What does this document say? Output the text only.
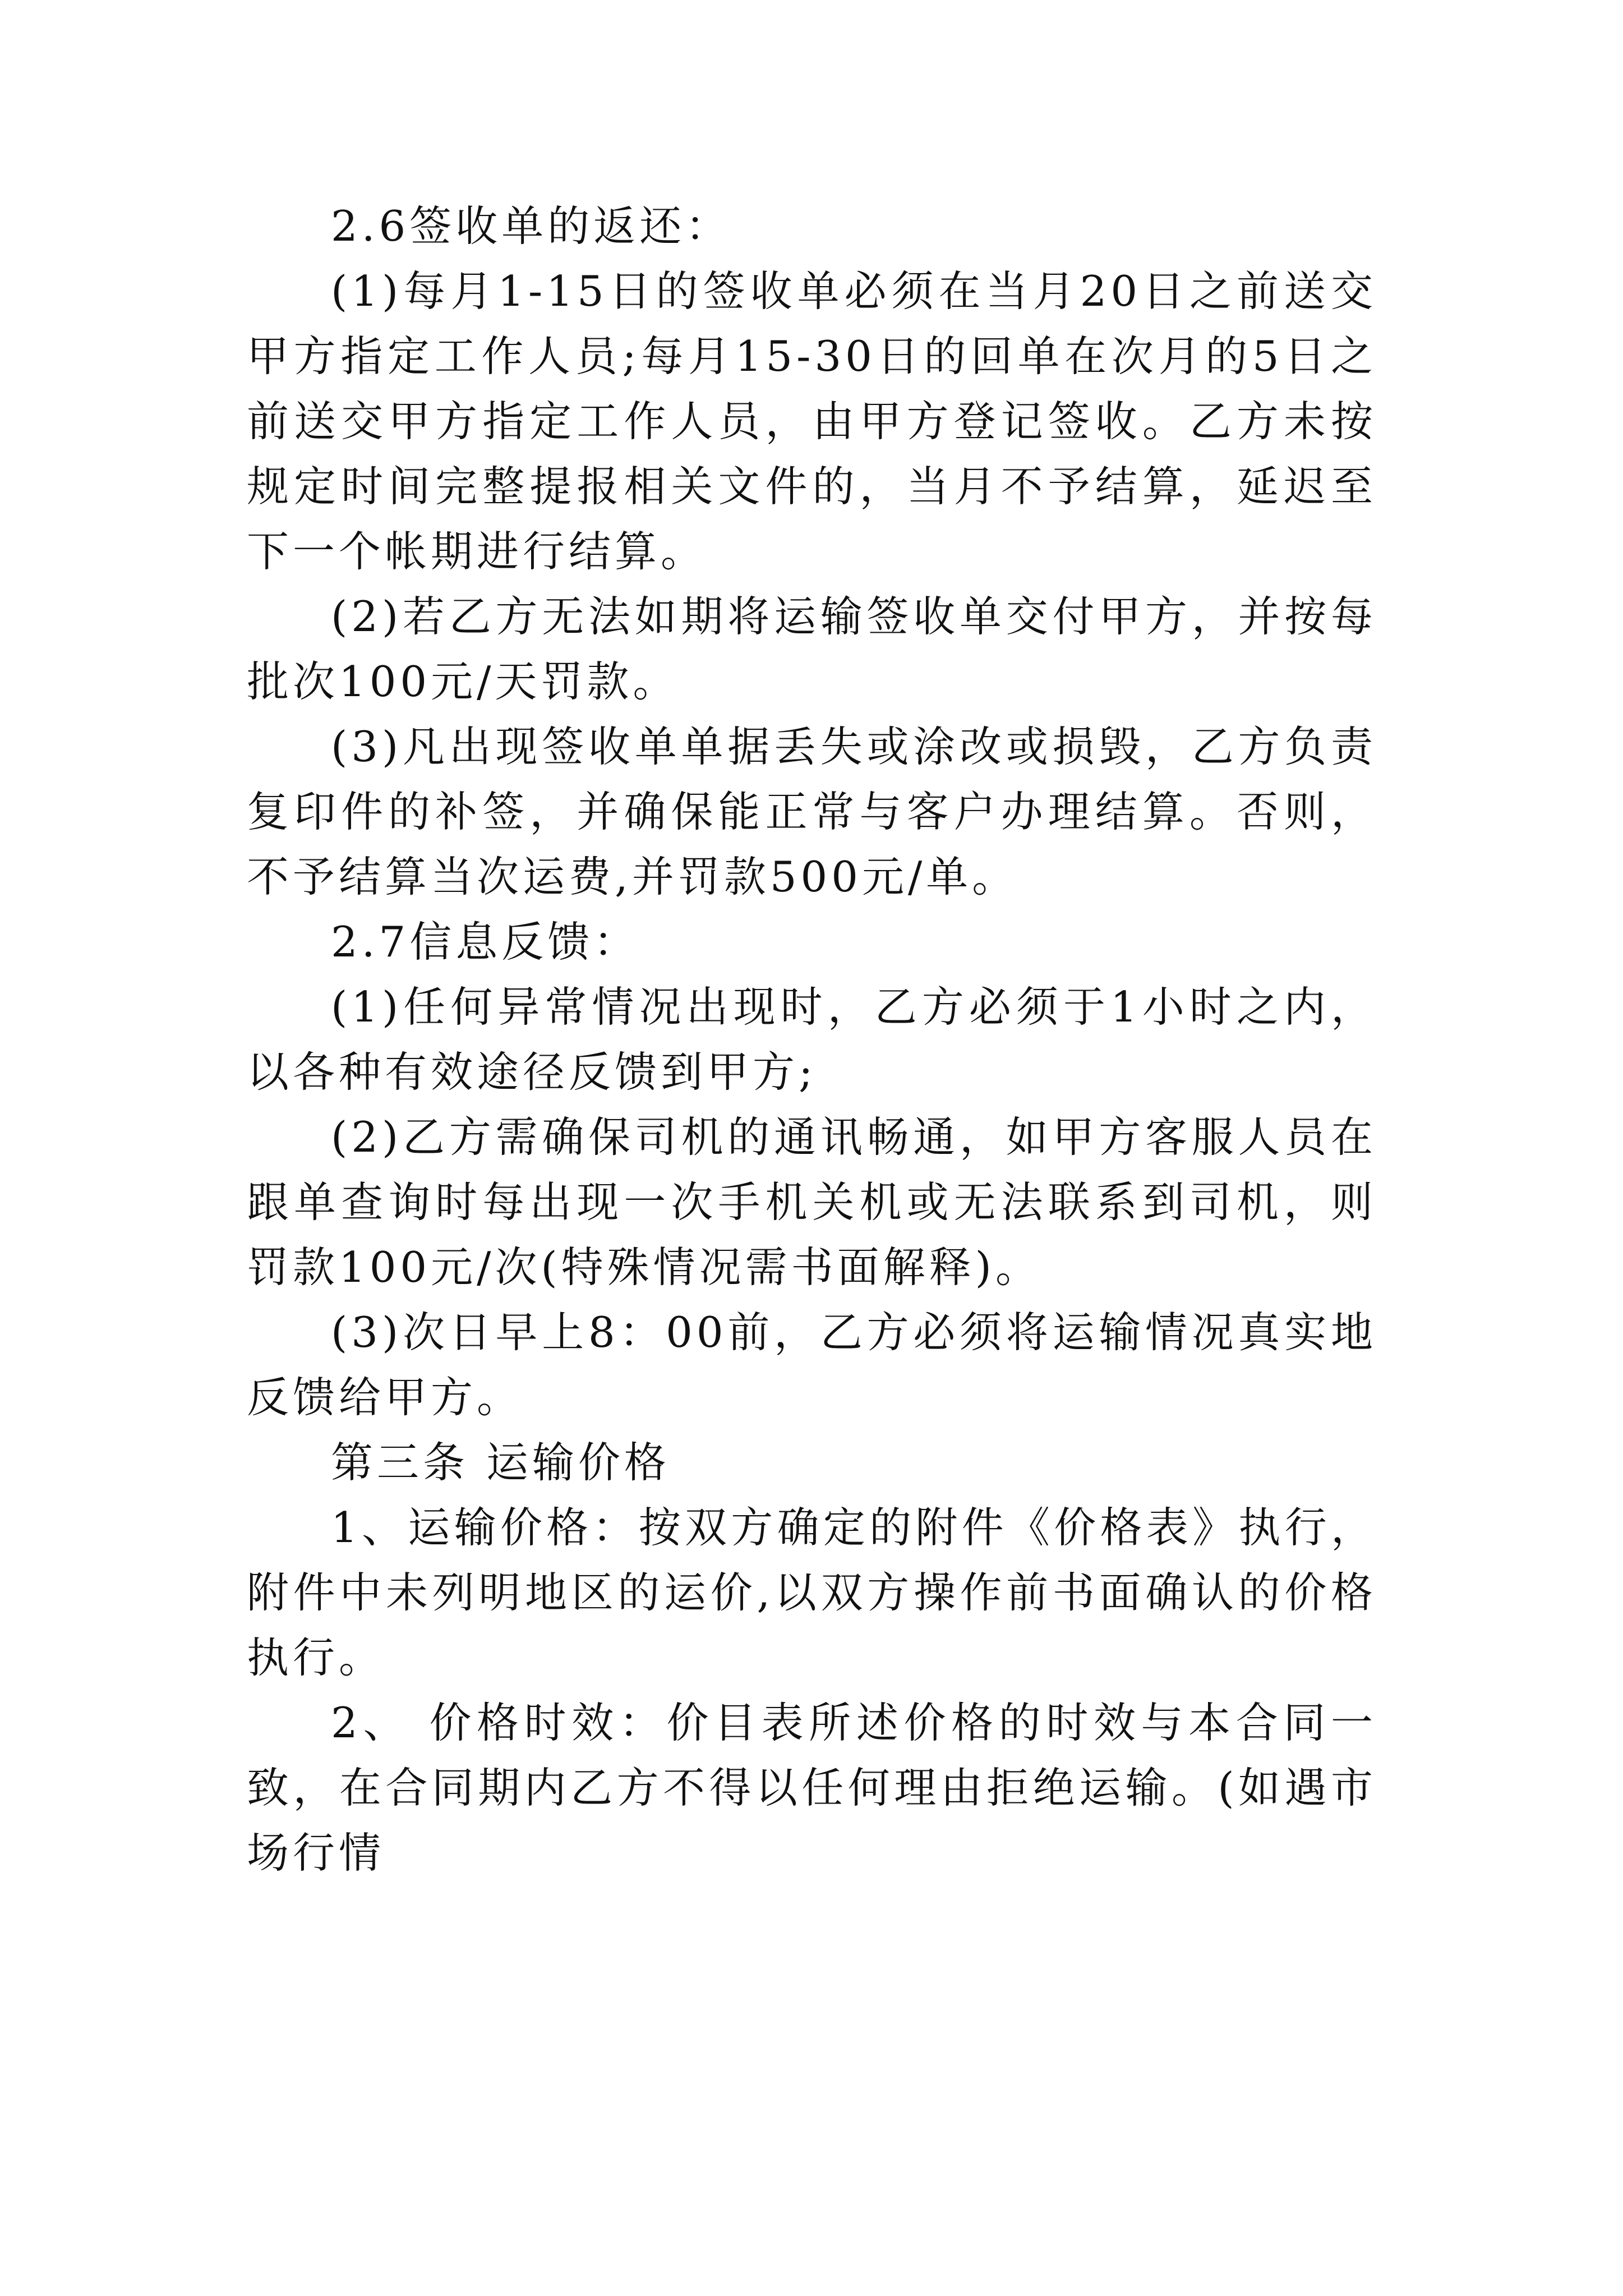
2.6签收单的返还：

(1)每月1-15日的签收单必须在当月20日之前送交甲方指定工作人员;每月15-30日的回单在次月的5日之前送交甲方指定工作人员，由甲方登记签收。乙方未按规定时间完整提报相关文件的，当月不予结算，延迟至下一个帐期进行结算。

(2)若乙方无法如期将运输签收单交付甲方，并按每批次100元/天罚款。

(3)凡出现签收单单据丢失或涂改或损毁，乙方负责复印件的补签，并确保能正常与客户办理结算。否则，不予结算当次运费,并罚款500元/单。

2.7信息反馈：

(1)任何异常情况出现时，乙方必须于1小时之内，以各种有效途径反馈到甲方;

(2)乙方需确保司机的通讯畅通，如甲方客服人员在跟单查询时每出现一次手机关机或无法联系到司机，则罚款100元/次(特殊情况需书面解释)。

(3)次日早上8：00前，乙方必须将运输情况真实地反馈给甲方。

第三条 运输价格

1、运输价格：按双方确定的附件《价格表》执行，附件中未列明地区的运价,以双方操作前书面确认的价格执行。

2、 价格时效：价目表所述价格的时效与本合同一致，在合同期内乙方不得以任何理由拒绝运输。(如遇市场行情
